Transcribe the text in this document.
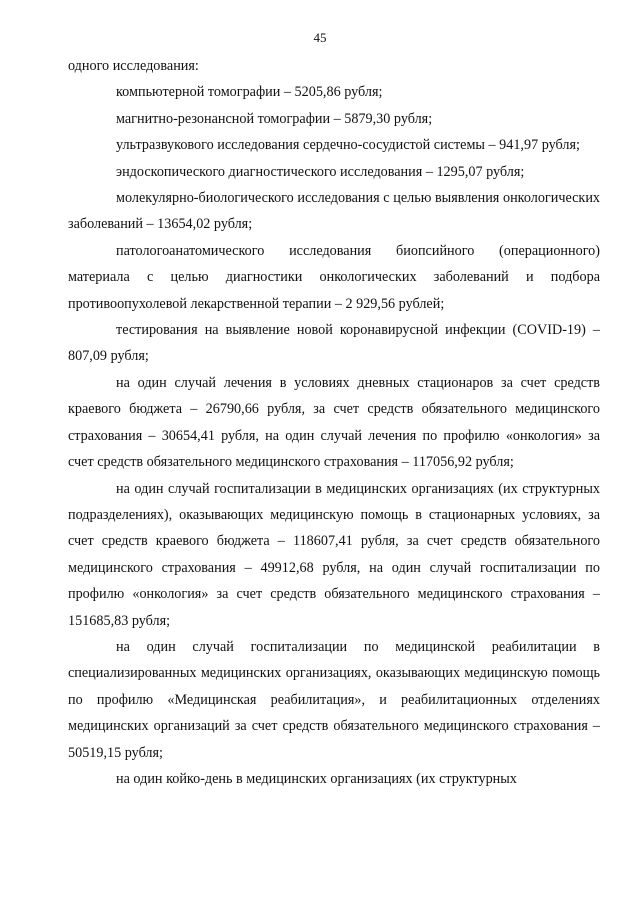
45

одного исследования:

компьютерной томографии – 5205,86 рубля;

магнитно-резонансной томографии – 5879,30 рубля;

ультразвукового исследования сердечно-сосудистой системы – 941,97 рубля;

эндоскопического диагностического исследования – 1295,07 рубля;

молекулярно-биологического исследования с целью выявления онкологических заболеваний – 13654,02 рубля;

патологоанатомического исследования биопсийного (операционного) материала с целью диагностики онкологических заболеваний и подбора противоопухолевой лекарственной терапии – 2 929,56 рублей;

тестирования на выявление новой коронавирусной инфекции (COVID-19) – 807,09 рубля;

на один случай лечения в условиях дневных стационаров за счет средств краевого бюджета – 26790,66 рубля, за счет средств обязательного медицинского страхования – 30654,41 рубля, на один случай лечения по профилю «онкология» за счет средств обязательного медицинского страхования – 117056,92 рубля;

на один случай госпитализации в медицинских организациях (их структурных подразделениях), оказывающих медицинскую помощь в стационарных условиях, за счет средств краевого бюджета – 118607,41 рубля, за счет средств обязательного медицинского страхования – 49912,68 рубля, на один случай госпитализации по профилю «онкология» за счет средств обязательного медицинского страхования – 151685,83 рубля;

на один случай госпитализации по медицинской реабилитации в специализированных медицинских организациях, оказывающих медицинскую помощь по профилю «Медицинская реабилитация», и реабилитационных отделениях медицинских организаций за счет средств обязательного медицинского страхования – 50519,15 рубля;

на один койко-день в медицинских организациях (их структурных
